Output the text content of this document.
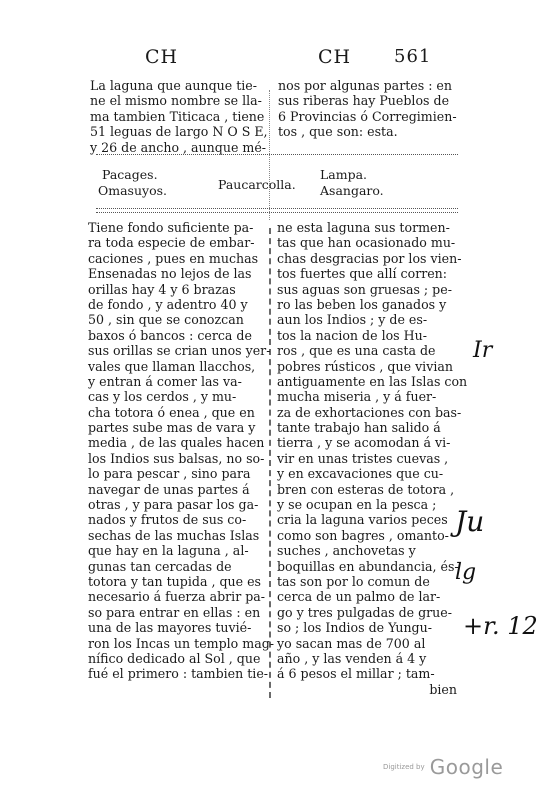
CH	CH 561
La laguna que aunque tie-
ne el mismo nombre se lla-
ma tambien Titicaca , tiene
51 leguas de largo N O S E,
y 26 de ancho , aunque mé-
nos por algunas partes : en
sus riberas hay Pueblos de
6 Provincias ó Corregimien-
tos , que son: esta.
Pacages.
Omasuyos.	Paucarcolla.
Lampa.
Asangaro.
Tiene fondo suficiente pa-
ra toda especie de embar-
caciones , pues en muchas
Ensenadas no lejos de las
orillas hay 4 y 6 brazas
de fondo , y adentro 40 y
50 , sin que se conozcan
baxos ó bancos : cerca de
sus orillas se crian unos yer-
vales que llaman llacchos,
y entran á comer las va-
cas y los cerdos , y mu-
cha totora ó enea , que en
partes sube mas de vara y
media , de las quales hacen
los Indios sus balsas, no so-
lo para pescar , sino para
navegar de unas partes á
otras , y para pasar los ga-
nados y frutos de sus co-
sechas de las muchas Islas
que hay en la laguna , al-
gunas tan cercadas de
totora y tan tupida , que es
necesario á fuerza abrir pa-
so para entrar en ellas : en
una de las mayores tuvié-
ron los Incas un templo mag-
nífico dedicado al Sol , que
fué el primero : tambien tie-
ne esta laguna sus tormen-
tas que han ocasionado mu-
chas desgracias por los vien-
tos fuertes que allí corren:
sus aguas son gruesas ; pe-
ro las beben los ganados y
aun los Indios ; y de es-
tos la nacion de los Hu-
ros , que es una casta de
pobres rústicos , que vivian
antiguamente en las Islas con
mucha miseria , y á fuer-
za de exhortaciones con bas-
tante trabajo han salido á
tierra , y se acomodan á vi-
vir en unas tristes cuevas ,
y en excavaciones que cu-
bren con esteras de totora ,
y se ocupan en la pesca ;
cria la laguna varios peces
como son bagres , omanto-
suches , anchovetas y
boquillas en abundancia, és-
tas son por lo comun de
cerca de un palmo de lar-
go y tres pulgadas de grue-
so ; los Indios de Yungu-
yo sacan mas de 700 al
año , y las venden á 4 y
á 6 pesos el millar ; tam-
bien
Ir
Ju
lg
+r. 12
Digitized by Google
